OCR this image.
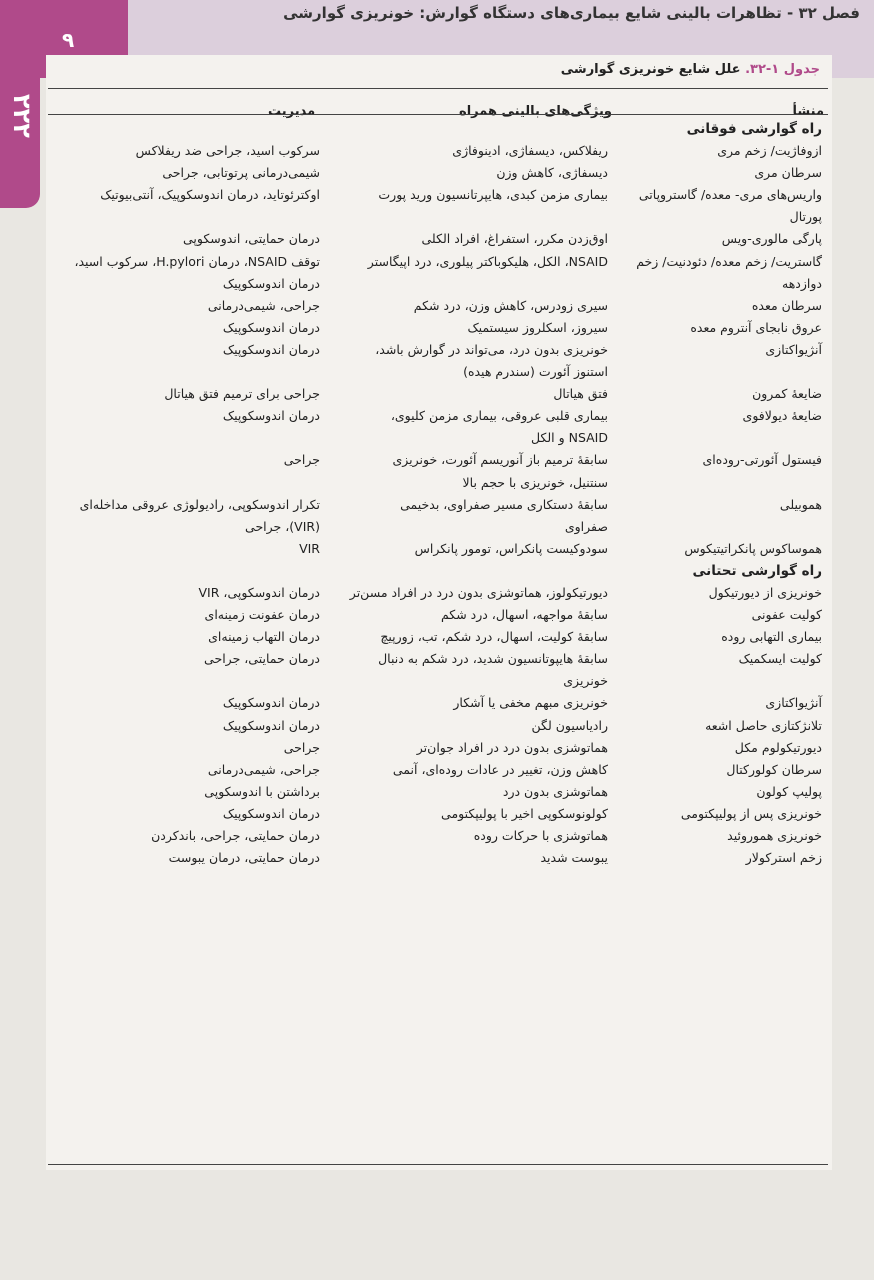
۹
۲۲۲
فصل ۳۲ - تظاهرات بالینی شایع بیماری‌های دستگاه گوارش: خونریزی گوارشی
جدول ۱-۳۲. علل شایع خونریزی گوارشی
منشأ
ویژگی‌های بالینی همراه
مدیریت
راه گوارشی فوقانی
ازوفاژیت/ زخم مری
ریفلاکس، دیسفاژی، ادینوفاژی
سرکوب اسید، جراحی ضد ریفلاکس
سرطان مری
دیسفاژی، کاهش وزن
شیمی‌درمانی پرتوتابی، جراحی
واریس‌های مری- معده/ گاستروپاتی
بیماری مزمن کبدی، هایپرتانسیون ورید پورت
اوکترئوتاید، درمان اندوسکوپیک، آنتی‌بیوتیک
پورتال
پارگی مالوری-ویس
اوق‌زدن مکرر، استفراغ، افراد الکلی
درمان حمایتی، اندوسکوپی
گاستریت/ زخم معده/ دئودنیت/ زخم
NSAID، الکل، هلیکوباکتر پیلوری، درد اپیگاستر
توقف NSAID، درمان H.pylori، سرکوب اسید،
دوازدهه
درمان اندوسکوپیک
سرطان معده
سیری زودرس، کاهش وزن، درد شکم
جراحی، شیمی‌درمانی
عروق نابجای آنتروم معده
سیروز، اسکلروز سیستمیک
درمان اندوسکوپیک
آنژیواکتازی
خونریزی بدون درد، می‌تواند در گوارش باشد،
درمان اندوسکوپیک
استنوز آئورت (سندرم هیده)
ضایعهٔ کمرون
فتق هیاتال
جراحی برای ترمیم فتق هیاتال
ضایعهٔ دیولافوی
بیماری قلبی عروقی، بیماری مزمن کلیوی،
درمان اندوسکوپیک
NSAID و الکل
فیستول آئورتی-روده‌ای
سابقهٔ ترمیم باز آنوریسم آئورت، خونریزی
جراحی
سنتنیل، خونریزی با حجم بالا
هموبیلی
سابقهٔ دستکاری مسیر صفراوی، بدخیمی
تکرار اندوسکوپی، رادیولوژی عروقی مداخله‌ای
صفراوی
(VIR)، جراحی
هموساکوس پانکراتیتیکوس
سودوکیست پانکراس، تومور پانکراس
VIR
راه گوارشی تحتانی
خونریزی از دیورتیکول
دیورتیکولوز، هماتوشزی بدون درد در افراد مسن‌تر
درمان اندوسکوپی، VIR
کولیت عفونی
سابقهٔ مواجهه، اسهال، درد شکم
درمان عفونت زمینه‌ای
بیماری التهابی روده
سابقهٔ کولیت، اسهال، درد شکم، تب، زورپیچ
درمان التهاب زمینه‌ای
کولیت ایسکمیک
سابقهٔ هایپوتانسیون شدید، درد شکم به دنبال
درمان حمایتی، جراحی
خونریزی
آنژیواکتازی
خونریزی مبهم مخفی یا آشکار
درمان اندوسکوپیک
تلانژکتازی حاصل اشعه
رادیاسیون لگن
درمان اندوسکوپیک
دیورتیکولوم مکل
هماتوشزی بدون درد در افراد جوان‌تر
جراحی
سرطان کولورکتال
کاهش وزن، تغییر در عادات روده‌ای، آنمی
جراحی، شیمی‌درمانی
پولیپ کولون
هماتوشزی بدون درد
برداشتن با اندوسکوپی
خونریزی پس از پولیپکتومی
کولونوسکوپی اخیر با پولیپکتومی
درمان اندوسکوپیک
خونریزی هموروئید
هماتوشزی با حرکات روده
درمان حمایتی، جراحی، باندکردن
زخم استرکولار
یبوست شدید
درمان حمایتی، درمان یبوست
